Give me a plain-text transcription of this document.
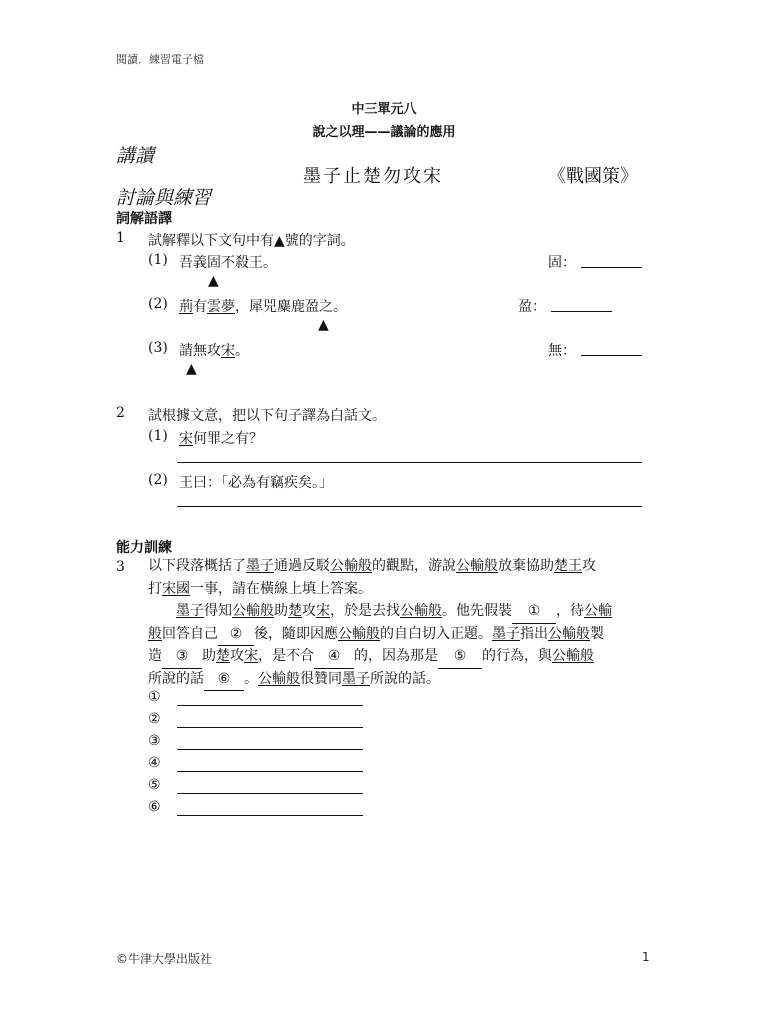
閱讀．練習電子檔
中三單元八
說之以理——議論的應用
講讀
墨子止楚勿攻宋	《戰國策》
討論與練習
詞解語譯
1 試解釋以下文句中有▲號的字詞。
(1) 吾義固不殺王。
▲
固：
(2) 荊有雲夢，犀兕麋鹿盈之。
▲
盈：
(3) 請無攻宋。
▲
無：
2 試根據文意，把以下句子譯為白話文。
(1) 宋何罪之有？
(2) 王曰：「必為有竊疾矣。」
能力訓練
3 以下段落概括了墨子通過反駁公輸般的觀點，游說公輸般放棄協助楚王攻
打宋國一事，請在橫線上填上答案。
　　墨子得知公輸般助楚攻宋，於是去找公輸般。他先假裝 ① ，待公輸
般回答自己 ② 後，隨即因應公輸般的自白切入正題。墨子指出公輸般製
造 ③ 助楚攻宋，是不合 ④ 的，因為那是 ⑤ 的行為，與公輸般
所說的話 ⑥ 。公輸般很贊同墨子所說的話。
①
②
③
④
⑤
⑥
©牛津大學出版社	1
